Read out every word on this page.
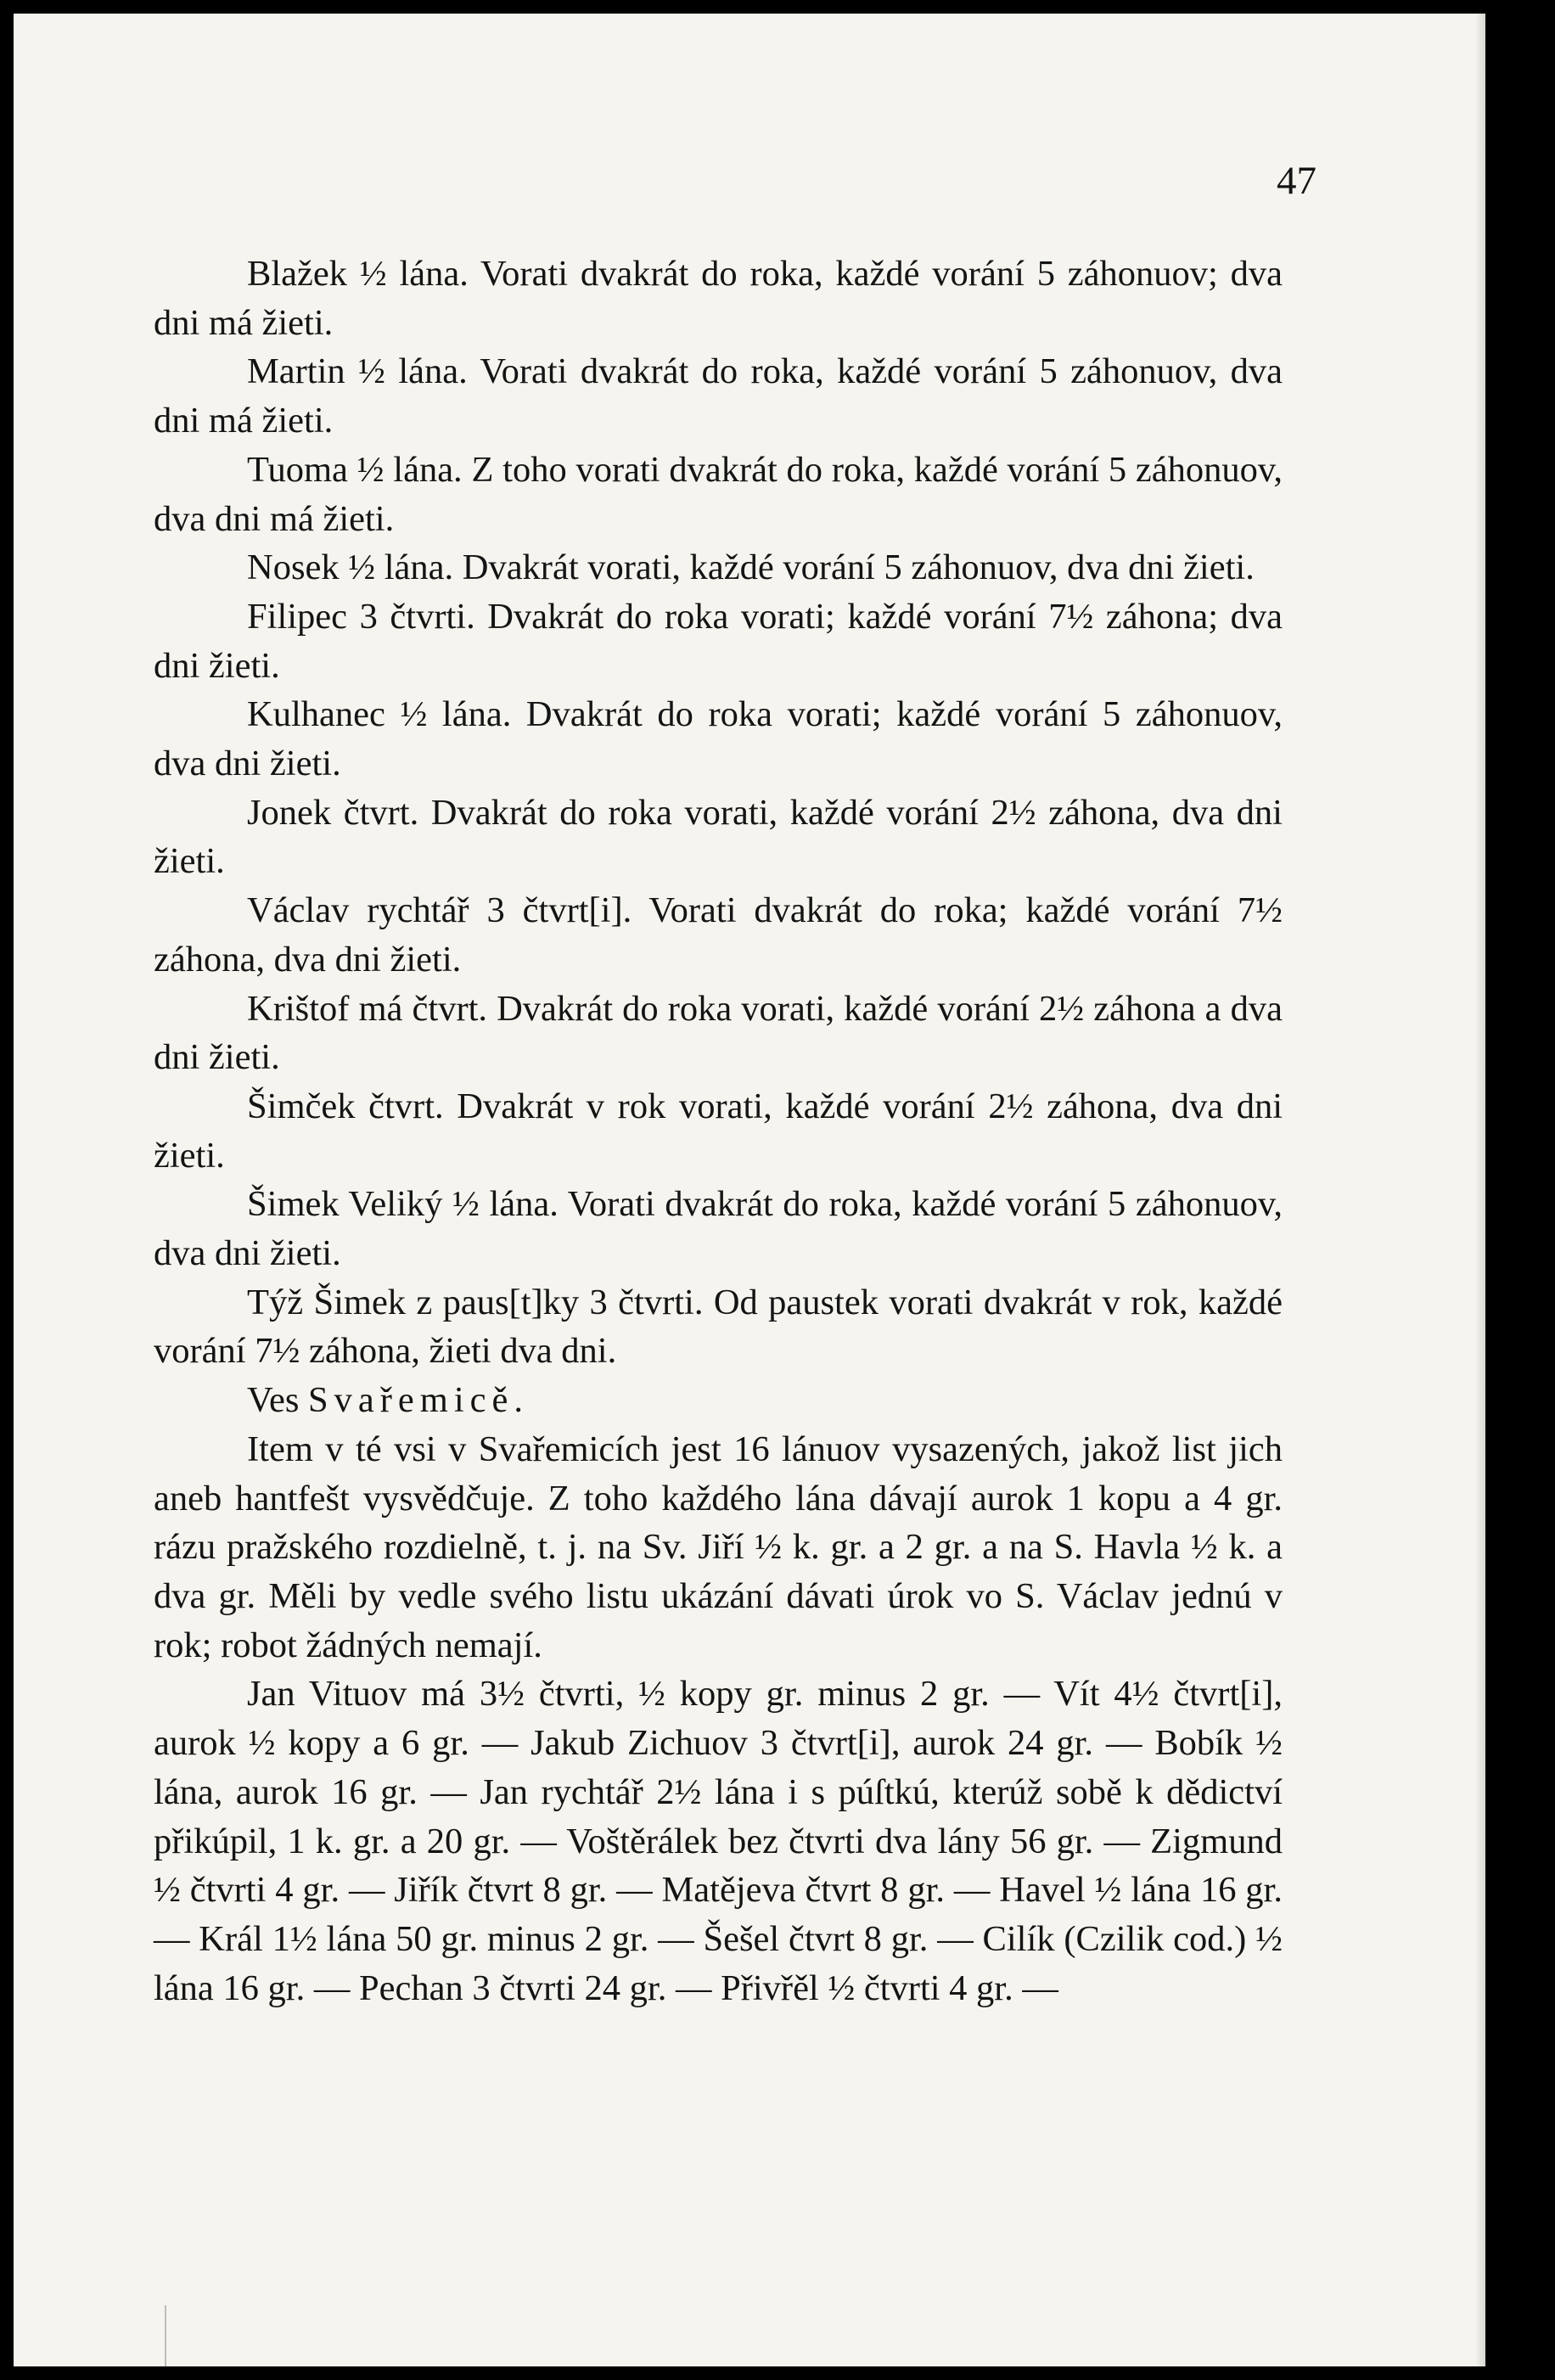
47

Blažek ½ lána. Vorati dvakrát do roka, každé vorání 5 záhonuov; dva dni má žieti.

Martin ½ lána. Vorati dvakrát do roka, každé vorání 5 záhonuov, dva dni má žieti.

Tuoma ½ lána. Z toho vorati dvakrát do roka, každé vorání 5 záhonuov, dva dni má žieti.

Nosek ½ lána. Dvakrát vorati, každé vorání 5 záhonuov, dva dni žieti.

Filipec 3 čtvrti. Dvakrát do roka vorati; každé vorání 7½ záhona; dva dni žieti.

Kulhanec ½ lána. Dvakrát do roka vorati; každé vorání 5 záhonuov, dva dni žieti.

Jonek čtvrt. Dvakrát do roka vorati, každé vorání 2½ záhona, dva dni žieti.

Václav rychtář 3 čtvrt[i]. Vorati dvakrát do roka; každé vorání 7½ záhona, dva dni žieti.

Krištof má čtvrt. Dvakrát do roka vorati, každé vorání 2½ záhona a dva dni žieti.

Šimček čtvrt. Dvakrát v rok vorati, každé vorání 2½ záhona, dva dni žieti.

Šimek Veliký ½ lána. Vorati dvakrát do roka, každé vorání 5 záhonuov, dva dni žieti.

Týž Šimek z paus[t]ky 3 čtvrti. Od paustek vorati dvakrát v rok, každé vorání 7½ záhona, žieti dva dni.

Ves Svařemicě.

Item v té vsi v Svařemicích jest 16 lánuov vysazených, jakož list jich aneb hantfešt vysvědčuje. Z toho každého lána dávají aurok 1 kopu a 4 gr. rázu pražského rozdielně, t. j. na Sv. Jiří ½ k. gr. a 2 gr. a na S. Havla ½ k. a dva gr. Měli by vedle svého listu ukázání dávati úrok vo S. Václav jednú v rok; robot žádných nemají.

Jan Vituov má 3½ čtvrti, ½ kopy gr. minus 2 gr. — Vít 4½ čtvrt[i], aurok ½ kopy a 6 gr. — Jakub Zichuov 3 čtvrt[i], aurok 24 gr. — Bobík ½ lána, aurok 16 gr. — Jan rychtář 2½ lána i s púſtkú, kterúž sobě k dědictví přikúpil, 1 k. gr. a 20 gr. — Voštěrálek bez čtvrti dva lány 56 gr. — Zigmund ½ čtvrti 4 gr. — Jiřík čtvrt 8 gr. — Matějeva čtvrt 8 gr. — Havel ½ lána 16 gr. — Král 1½ lána 50 gr. minus 2 gr. — Šešel čtvrt 8 gr. — Cilík (Czilik cod.) ½ lána 16 gr. — Pechan 3 čtvrti 24 gr. — Přivřěl ½ čtvrti 4 gr. —
